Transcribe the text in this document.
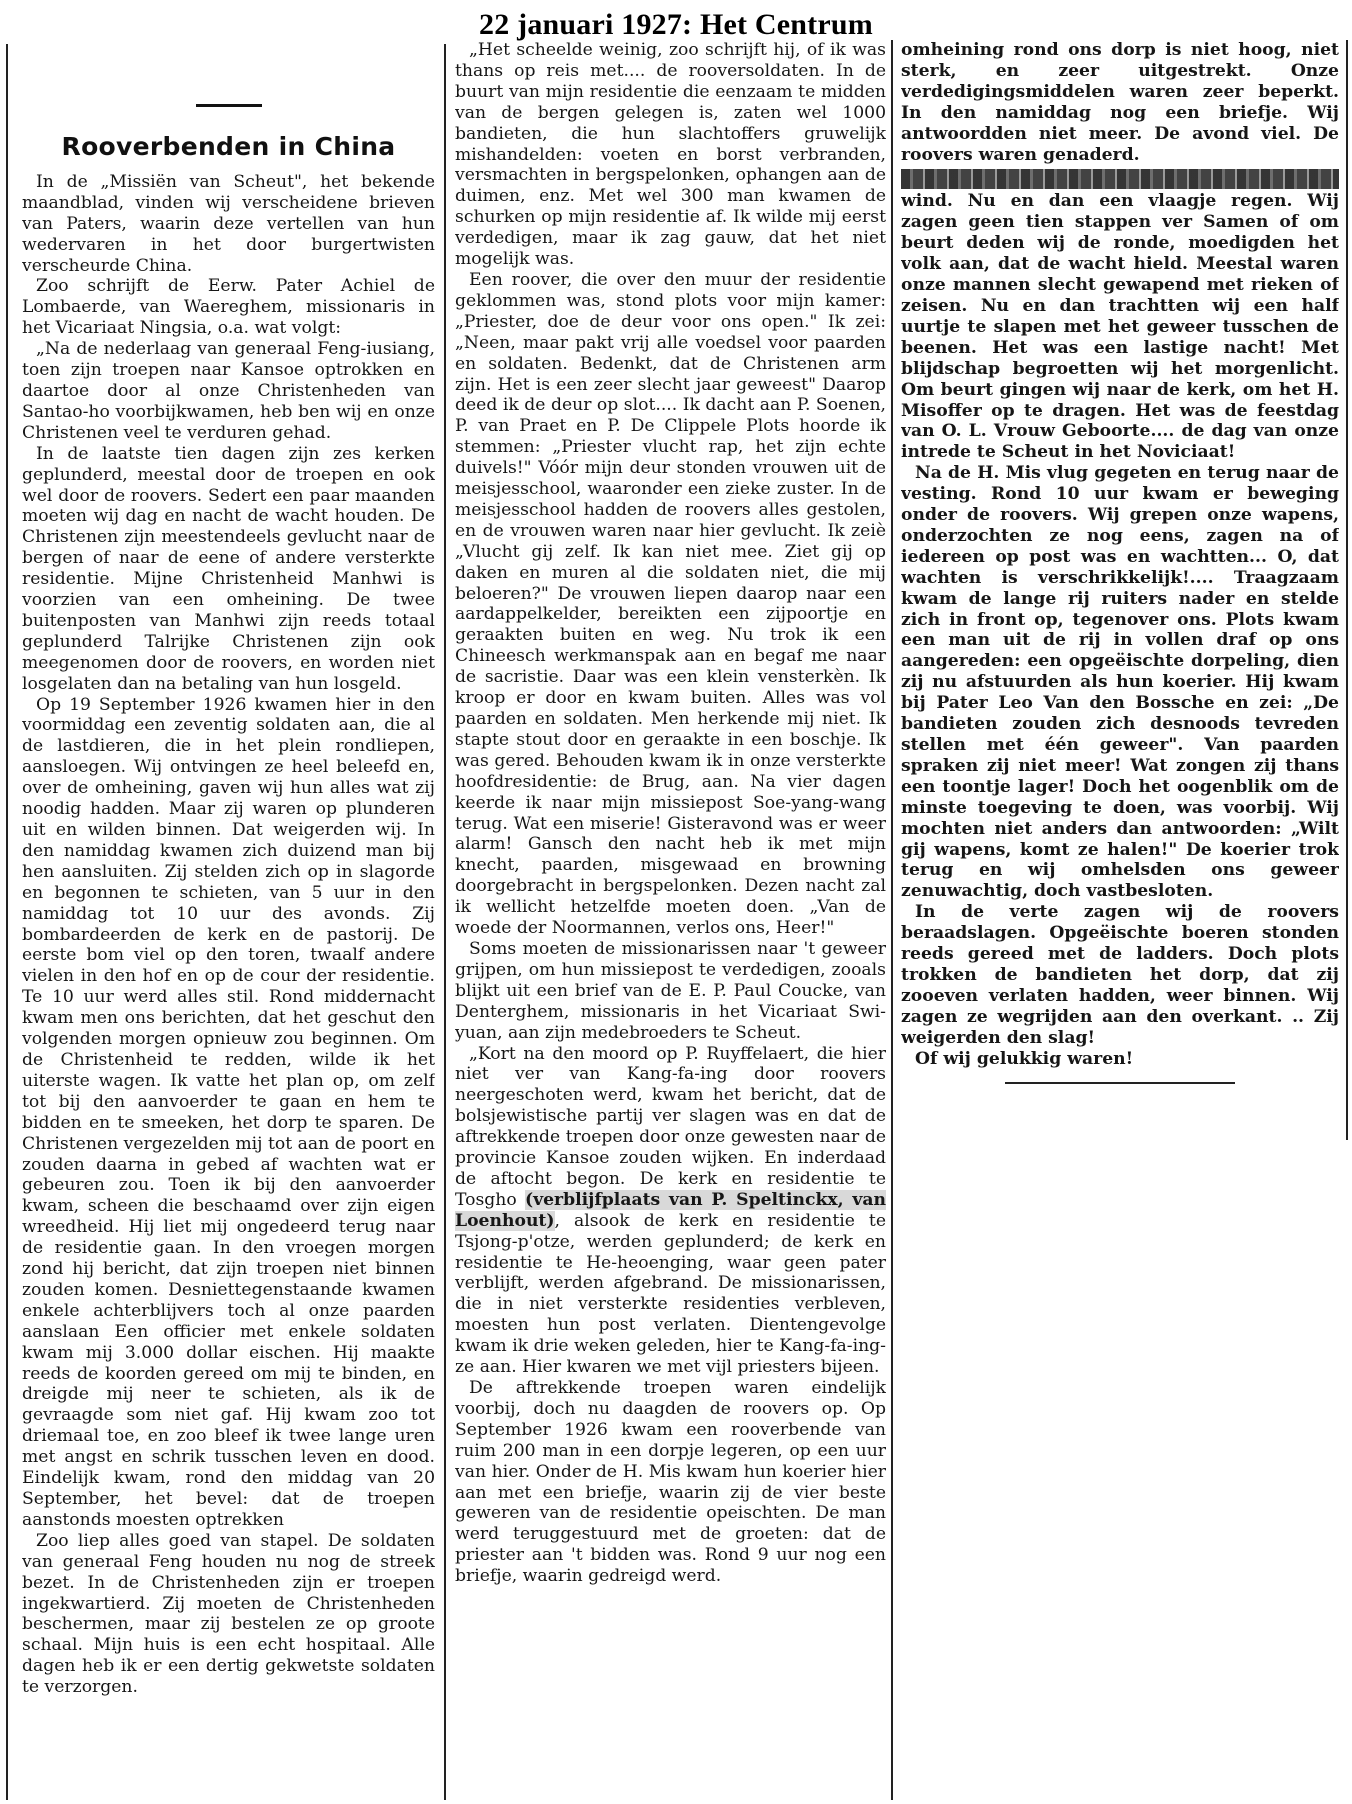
22 januari 1927: Het Centrum
Rooverbenden in China

In de „Missiën van Scheut", het bekende maandblad, vinden wij verscheidene brieven van Paters, waarin deze vertellen van hun wedervaren in het door burgertwisten verscheurde China.

Zoo schrijft de Eerw. Pater Achiel de Lombaerde, van Waereghem, missionaris in het Vicariaat Ningsia, o.a. wat volgt:

„Na de nederlaag van generaal Feng-iusiang, toen zijn troepen naar Kansoe optrokken en daartoe door al onze Christenheden van Santao-ho voorbijkwamen, heb ben wij en onze Christenen veel te verduren gehad.

In de laatste tien dagen zijn zes kerken geplunderd, meestal door de troepen en ook wel door de roovers. Sedert een paar maanden moeten wij dag en nacht de wacht houden. De Christenen zijn meestendeels gevlucht naar de bergen of naar de eene of andere versterkte residentie. Mijne Christenheid Manhwi is voorzien van een omheining. De twee buitenposten van Manhwi zijn reeds totaal geplunderd Talrijke Christenen zijn ook meegenomen door de roovers, en worden niet losgelaten dan na betaling van hun losgeld.

Op 19 September 1926 kwamen hier in den voormiddag een zeventig soldaten aan, die al de lastdieren, die in het plein rondliepen, aansloegen. Wij ontvingen ze heel beleefd en, over de omheining, gaven wij hun alles wat zij noodig hadden. Maar zij waren op plunderen uit en wilden binnen. Dat weigerden wij. In den namiddag kwamen zich duizend man bij hen aansluiten. Zij stelden zich op in slagorde en begonnen te schieten, van 5 uur in den namiddag tot 10 uur des avonds. Zij bombardeerden de kerk en de pastorij. De eerste bom viel op den toren, twaalf andere vielen in den hof en op de cour der residentie. Te 10 uur werd alles stil. Rond middernacht kwam men ons berichten, dat het geschut den volgenden morgen opnieuw zou beginnen. Om de Christenheid te redden, wilde ik het uiterste wagen. Ik vatte het plan op, om zelf tot bij den aanvoerder te gaan en hem te bidden en te smeeken, het dorp te sparen. De Christenen vergezelden mij tot aan de poort en zouden daarna in gebed af wachten wat er gebeuren zou. Toen ik bij den aanvoerder kwam, scheen die beschaamd over zijn eigen wreedheid. Hij liet mij ongedeerd terug naar de residentie gaan. In den vroegen morgen zond hij bericht, dat zijn troepen niet binnen zouden komen. Desniettegenstaande kwamen enkele achterblijvers toch al onze paarden aanslaan Een officier met enkele soldaten kwam mij 3.000 dollar eischen. Hij maakte reeds de koorden gereed om mij te binden, en dreigde mij neer te schieten, als ik de gevraagde som niet gaf. Hij kwam zoo tot driemaal toe, en zoo bleef ik twee lange uren met angst en schrik tusschen leven en dood. Eindelijk kwam, rond den middag van 20 September, het bevel: dat de troepen aanstonds moesten optrekken

Zoo liep alles goed van stapel. De soldaten van generaal Feng houden nu nog de streek bezet. In de Christenheden zijn er troepen ingekwartierd. Zij moeten de Christenheden beschermen, maar zij bestelen ze op groote schaal. Mijn huis is een echt hospitaal. Alle dagen heb ik er een dertig gekwetste soldaten te verzorgen.

„Het scheelde weinig, zoo schrijft hij, of ik was thans op reis met.... de rooversoldaten. In de buurt van mijn residentie die eenzaam te midden van de bergen gelegen is, zaten wel 1000 bandieten, die hun slachtoffers gruwelijk mishandelden: voeten en borst verbranden, versmachten in bergspelonken, ophangen aan de duimen, enz. Met wel 300 man kwamen de schurken op mijn residentie af. Ik wilde mij eerst verdedigen, maar ik zag gauw, dat het niet mogelijk was.

Een roover, die over den muur der residentie geklommen was, stond plots voor mijn kamer: „Priester, doe de deur voor ons open." Ik zei: „Neen, maar pakt vrij alle voedsel voor paarden en soldaten. Bedenkt, dat de Christenen arm zijn. Het is een zeer slecht jaar geweest" Daarop deed ik de deur op slot.... Ik dacht aan P. Soenen, P. van Praet en P. De Clippele Plots hoorde ik stemmen: „Priester vlucht rap, het zijn echte duivels!" Vóór mijn deur stonden vrouwen uit de meisjesschool, waaronder een zieke zuster. In de meisjesschool hadden de roovers alles gestolen, en de vrouwen waren naar hier gevlucht. Ik zeiè „Vlucht gij zelf. Ik kan niet mee. Ziet gij op daken en muren al die soldaten niet, die mij beloeren?" De vrouwen liepen daarop naar een aardappelkelder, bereikten een zijpoortje en geraakten buiten en weg. Nu trok ik een Chineesch werkmanspak aan en begaf me naar de sacristie. Daar was een klein vensterkèn. Ik kroop er door en kwam buiten. Alles was vol paarden en soldaten. Men herkende mij niet. Ik stapte stout door en geraakte in een boschje. Ik was gered. Behouden kwam ik in onze versterkte hoofdresidentie: de Brug, aan. Na vier dagen keerde ik naar mijn missiepost Soe-yang-wang terug. Wat een miserie! Gisteravond was er weer alarm! Gansch den nacht heb ik met mijn knecht, paarden, misgewaad en browning doorgebracht in bergspelonken. Dezen nacht zal ik wellicht hetzelfde moeten doen. „Van de woede der Noormannen, verlos ons, Heer!"

Soms moeten de missionarissen naar 't geweer grijpen, om hun missiepost te verdedigen, zooals blijkt uit een brief van de E. P. Paul Coucke, van Denterghem, missionaris in het Vicariaat Swi-yuan, aan zijn medebroeders te Scheut.

„Kort na den moord op P. Ruyffelaert, die hier niet ver van Kang-fa-ing door roovers neergeschoten werd, kwam het bericht, dat de bolsjewistische partij ver slagen was en dat de aftrekkende troepen door onze gewesten naar de provincie Kansoe zouden wijken. En inderdaad de aftocht begon. De kerk en residentie te Tosgho (verblijfplaats van P. Speltinckx, van Loenhout), alsook de kerk en residentie te Tsjong-p'otze, werden geplunderd; de kerk en residentie te He-heoenging, waar geen pater verblijft, werden afgebrand. De missionarissen, die in niet versterkte residenties verbleven, moesten hun post verlaten. Dientengevolge kwam ik drie weken geleden, hier te Kang-fa-ing-ze aan. Hier kwaren we met vijl priesters bijeen.

De aftrekkende troepen waren eindelijk voorbij, doch nu daagden de roovers op. Op September 1926 kwam een rooverbende van ruim 200 man in een dorpje legeren, op een uur van hier. Onder de H. Mis kwam hun koerier hier aan met een briefje, waarin zij de vier beste geweren van de residentie opeischten. De man werd teruggestuurd met de groeten: dat de priester aan 't bidden was. Rond 9 uur nog een briefje, waarin gedreigd werd.

omheining rond ons dorp is niet hoog, niet sterk, en zeer uitgestrekt. Onze verdedigingsmiddelen waren zeer beperkt. In den namiddag nog een briefje. Wij antwoordden niet meer. De avond viel. De roovers waren genaderd.

wind. Nu en dan een vlaagje regen. Wij zagen geen tien stappen ver Samen of om beurt deden wij de ronde, moedigden het volk aan, dat de wacht hield. Meestal waren onze mannen slecht gewapend met rieken of zeisen. Nu en dan trachtten wij een half uurtje te slapen met het geweer tusschen de beenen. Het was een lastige nacht! Met blijdschap begroetten wij het morgenlicht. Om beurt gingen wij naar de kerk, om het H. Misoffer op te dragen. Het was de feestdag van O. L. Vrouw Geboorte.... de dag van onze intrede te Scheut in het Noviciaat!

Na de H. Mis vlug gegeten en terug naar de vesting. Rond 10 uur kwam er beweging onder de roovers. Wij grepen onze wapens, onderzochten ze nog eens, zagen na of iedereen op post was en wachtten... O, dat wachten is verschrikkelijk!.... Traagzaam kwam de lange rij ruiters nader en stelde zich in front op, tegenover ons. Plots kwam een man uit de rij in vollen draf op ons aangereden: een opgeëischte dorpeling, dien zij nu afstuurden als hun koerier. Hij kwam bij Pater Leo Van den Bossche en zei: „De bandieten zouden zich desnoods tevreden stellen met één geweer". Van paarden spraken zij niet meer! Wat zongen zij thans een toontje lager! Doch het oogenblik om de minste toegeving te doen, was voorbij. Wij mochten niet anders dan antwoorden: „Wilt gij wapens, komt ze halen!" De koerier trok terug en wij omhelsden ons geweer zenuwachtig, doch vastbesloten.

In de verte zagen wij de roovers beraadslagen. Opgeëischte boeren stonden reeds gereed met de ladders. Doch plots trokken de bandieten het dorp, dat zij zooeven verlaten hadden, weer binnen. Wij zagen ze wegrijden aan den overkant. .. Zij weigerden den slag!

Of wij gelukkig waren!
